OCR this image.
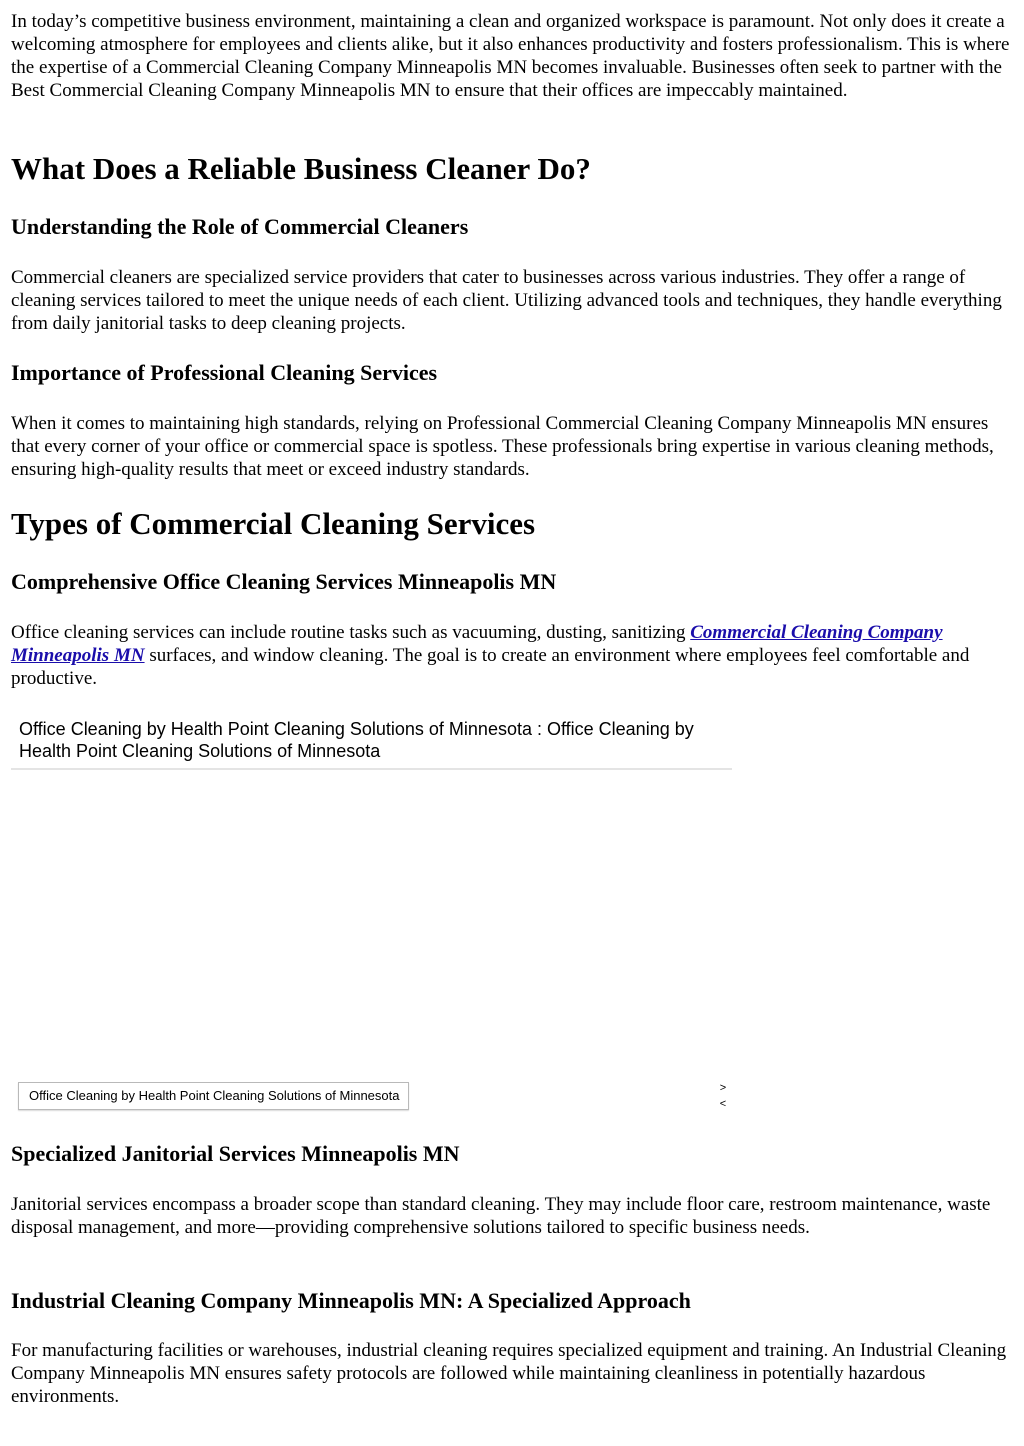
In today’s competitive business environment, maintaining a clean and organized workspace is paramount. Not only does it create a welcoming atmosphere for employees and clients alike, but it also enhances productivity and fosters professionalism. This is where the expertise of a Commercial Cleaning Company Minneapolis MN becomes invaluable. Businesses often seek to partner with the Best Commercial Cleaning Company Minneapolis MN to ensure that their offices are impeccably maintained.

What Does a Reliable Business Cleaner Do?
Understanding the Role of Commercial Cleaners

Commercial cleaners are specialized service providers that cater to businesses across various industries. They offer a range of cleaning services tailored to meet the unique needs of each client. Utilizing advanced tools and techniques, they handle everything from daily janitorial tasks to deep cleaning projects.

Importance of Professional Cleaning Services

When it comes to maintaining high standards, relying on Professional Commercial Cleaning Company Minneapolis MN ensures that every corner of your office or commercial space is spotless. These professionals bring expertise in various cleaning methods, ensuring high-quality results that meet or exceed industry standards.

Types of Commercial Cleaning Services
Comprehensive Office Cleaning Services Minneapolis MN

Office cleaning services can include routine tasks such as vacuuming, dusting, sanitizing Commercial Cleaning Company Minneapolis MN surfaces, and window cleaning. The goal is to create an environment where employees feel comfortable and productive.

Office Cleaning by Health Point Cleaning Solutions of Minnesota : Office Cleaning by Health Point Cleaning Solutions of Minnesota
Office Cleaning by Health Point Cleaning Solutions of Minnesota	>
<
Specialized Janitorial Services Minneapolis MN

Janitorial services encompass a broader scope than standard cleaning. They may include floor care, restroom maintenance, waste disposal management, and more—providing comprehensive solutions tailored to specific business needs.

Industrial Cleaning Company Minneapolis MN: A Specialized Approach

For manufacturing facilities or warehouses, industrial cleaning requires specialized equipment and training. An Industrial Cleaning Company Minneapolis MN ensures safety protocols are followed while maintaining cleanliness in potentially hazardous environments.
